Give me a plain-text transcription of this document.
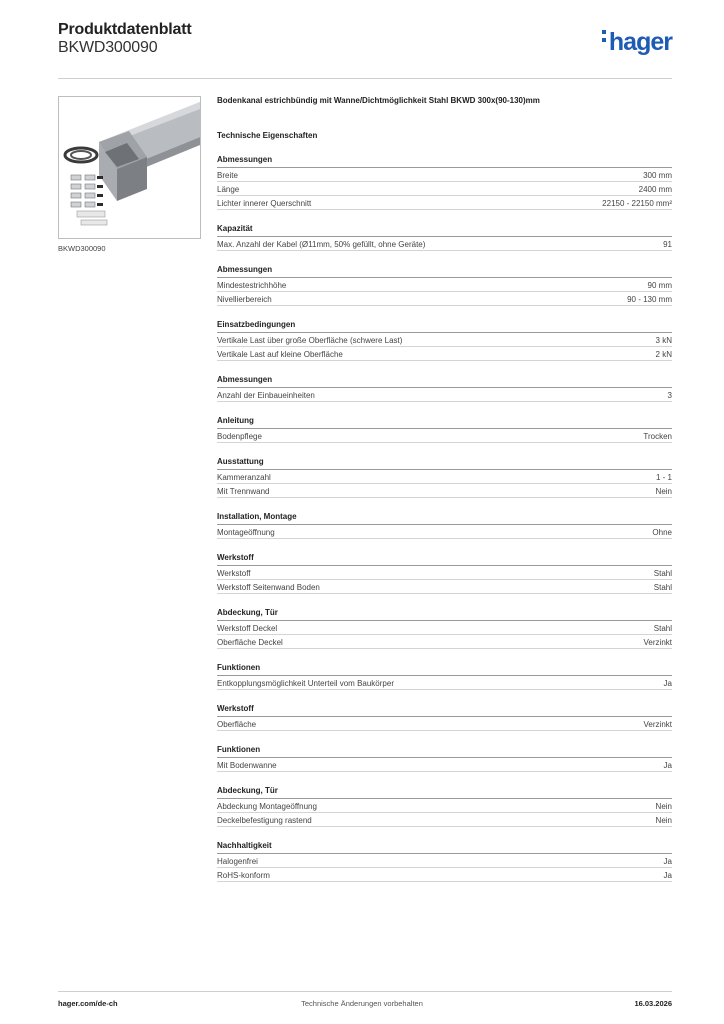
Produktdatenblatt
BKWD300090	hager
BKWD300090
Bodenkanal estrichbündig mit Wanne/Dichtmöglichkeit Stahl BKWD 300x(90-130)mm
Technische Eigenschaften
Abmessungen
Breite	300 mm
Länge	2400 mm
Lichter innerer Querschnitt	22150 - 22150 mm²
Kapazität
Max. Anzahl der Kabel (Ø11mm, 50% gefüllt, ohne Geräte)	91
Abmessungen
Mindestestrichhöhe	90 mm
Nivellierbereich	90 - 130 mm
Einsatzbedingungen
Vertikale Last über große Oberfläche (schwere Last)	3 kN
Vertikale Last auf kleine Oberfläche	2 kN
Abmessungen
Anzahl der Einbaueinheiten	3
Anleitung
Bodenpflege	Trocken
Ausstattung
Kammeranzahl	1 - 1
Mit Trennwand	Nein
Installation, Montage
Montageöffnung	Ohne
Werkstoff
Werkstoff	Stahl
Werkstoff Seitenwand Boden	Stahl
Abdeckung, Tür
Werkstoff Deckel	Stahl
Oberfläche Deckel	Verzinkt
Funktionen
Entkopplungsmöglichkeit Unterteil vom Baukörper	Ja
Werkstoff
Oberfläche	Verzinkt
Funktionen
Mit Bodenwanne	Ja
Abdeckung, Tür
Abdeckung Montageöffnung	Nein
Deckelbefestigung rastend	Nein
Nachhaltigkeit
Halogenfrei	Ja
RoHS-konform	Ja
hager.com/de-ch	Technische Änderungen vorbehalten	16.03.2026
